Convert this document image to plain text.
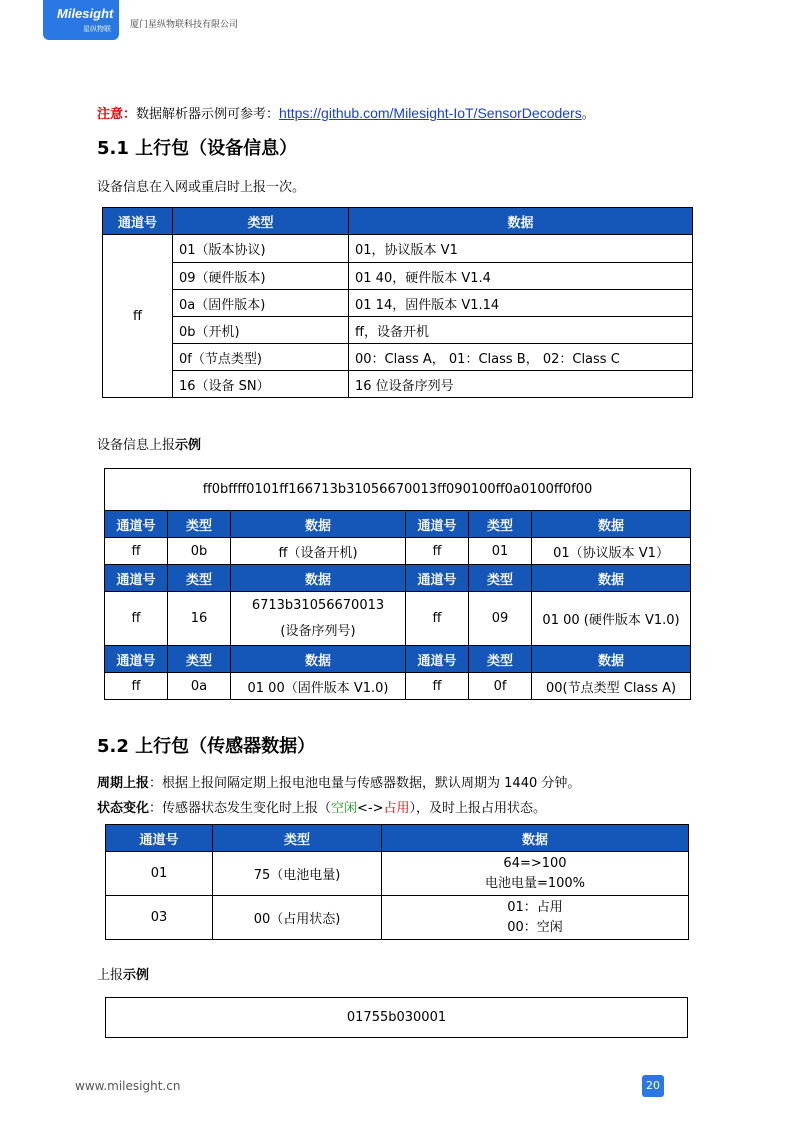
Milesight
星纵物联 厦门星纵物联科技有限公司
注意：数据解析器示例可参考：https://github.com/Milesight-IoT/SensorDecoders。
5.1 上行包（设备信息）
设备信息在入网或重启时上报一次。
通道号	类型	数据
ff	01（版本协议)	01，协议版本 V1
	09（硬件版本)	01 40，硬件版本 V1.4
	0a（固件版本)	01 14，固件版本 V1.14
	0b（开机)	ff，设备开机
	0f（节点类型)	00：Class A， 01：Class B， 02：Class C
	16（设备 SN）	16 位设备序列号
设备信息上报示例
ff0bffff0101ff166713b31056670013ff090100ff0a0100ff0f00					
通道号	类型	数据	通道号	类型	数据
ff	0b	ff（设备开机)	ff	01	01（协议版本 V1）
通道号	类型	数据	通道号	类型	数据
ff	16	6713b31056670013
(设备序列号)	ff	09	01 00 (硬件版本 V1.0)
通道号	类型	数据	通道号	类型	数据
ff	0a	01 00（固件版本 V1.0)	ff	0f	00(节点类型 Class A)
5.2 上行包（传感器数据）
周期上报：根据上报间隔定期上报电池电量与传感器数据，默认周期为 1440 分钟。
状态变化：传感器状态发生变化时上报（空闲<->占用），及时上报占用状态。
通道号	类型	数据
01	75（电池电量)	64=>100
电池电量=100%

03	00（占用状态)	01：占用
00：空闲
上报示例
01755b030001
www.milesight.cn	20
